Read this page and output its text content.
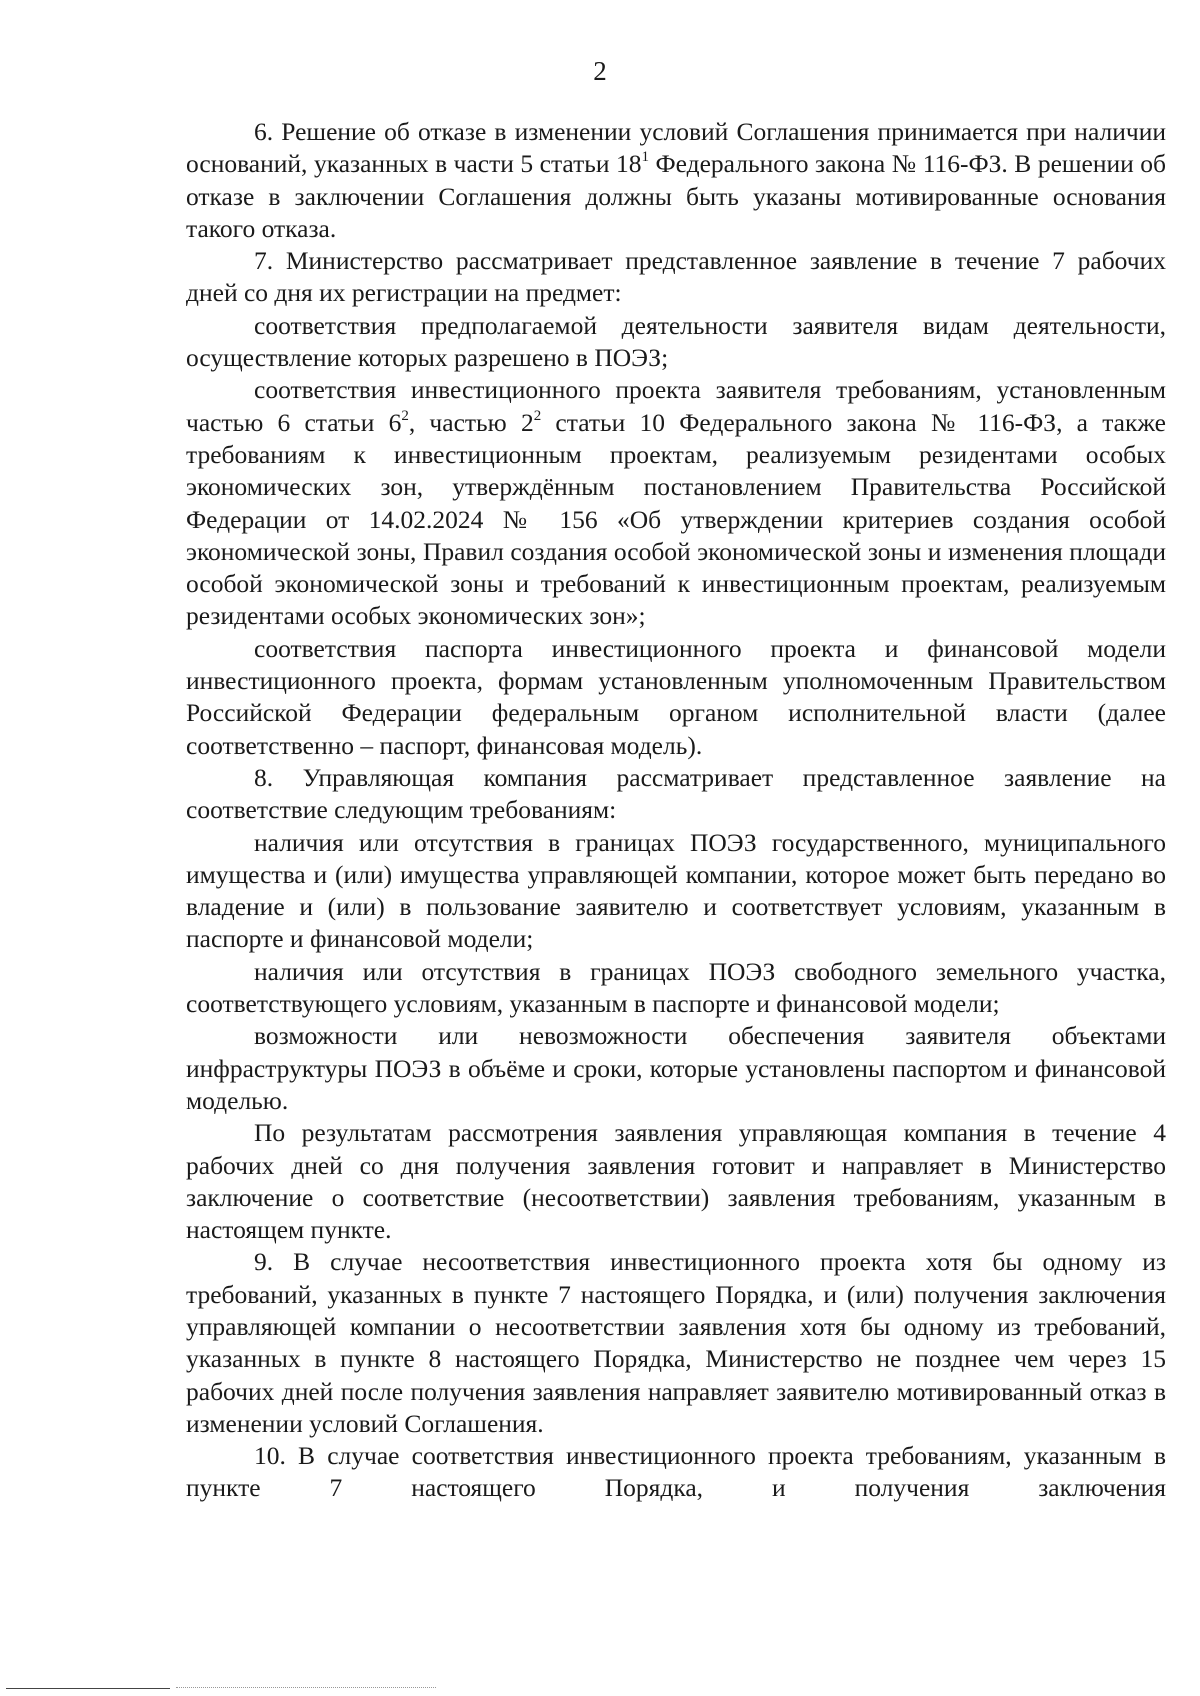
2

6. Решение об отказе в изменении условий Соглашения принимается при наличии оснований, указанных в части 5 статьи $18^1$ Федерального закона № 116-ФЗ. В решении об отказе в заключении Соглашения должны быть указаны мотивированные основания такого отказа.

7. Министерство рассматривает представленное заявление в течение 7 рабочих дней со дня их регистрации на предмет:

соответствия предполагаемой деятельности заявителя видам деятельности, осуществление которых разрешено в ПОЭЗ;

соответствия инвестиционного проекта заявителя требованиям, установленным частью 6 статьи $6^2$, частью $2^2$ статьи 10 Федерального закона № 116-ФЗ, а также требованиям к инвестиционным проектам, реализуемым резидентами особых экономических зон, утверждённым постановлением Правительства Российской Федерации от 14.02.2024 № 156 «Об утверждении критериев создания особой экономической зоны, Правил создания особой экономической зоны и изменения площади особой экономической зоны и требований к инвестиционным проектам, реализуемым резидентами особых экономических зон»;

соответствия паспорта инвестиционного проекта и финансовой модели инвестиционного проекта, формам установленным уполномоченным Правительством Российской Федерации федеральным органом исполнительной власти (далее соответственно – паспорт, финансовая модель).

8. Управляющая компания рассматривает представленное заявление на соответствие следующим требованиям:

наличия или отсутствия в границах ПОЭЗ государственного, муниципального имущества и (или) имущества управляющей компании, которое может быть передано во владение и (или) в пользование заявителю и соответствует условиям, указанным в паспорте и финансовой модели;

наличия или отсутствия в границах ПОЭЗ свободного земельного участка, соответствующего условиям, указанным в паспорте и финансовой модели;

возможности или невозможности обеспечения заявителя объектами инфраструктуры ПОЭЗ в объёме и сроки, которые установлены паспортом и финансовой моделью.

По результатам рассмотрения заявления управляющая компания в течение 4 рабочих дней со дня получения заявления готовит и направляет в Министерство заключение о соответствие (несоответствии) заявления требованиям, указанным в настоящем пункте.

9. В случае несоответствия инвестиционного проекта хотя бы одному из требований, указанных в пункте 7 настоящего Порядка, и (или) получения заключения управляющей компании о несоответствии заявления хотя бы одному из требований, указанных в пункте 8 настоящего Порядка, Министерство не позднее чем через 15 рабочих дней после получения заявления направляет заявителю мотивированный отказ в изменении условий Соглашения.

10. В случае соответствия инвестиционного проекта требованиям, указанным в пункте 7 настоящего Порядка, и получения заключения
